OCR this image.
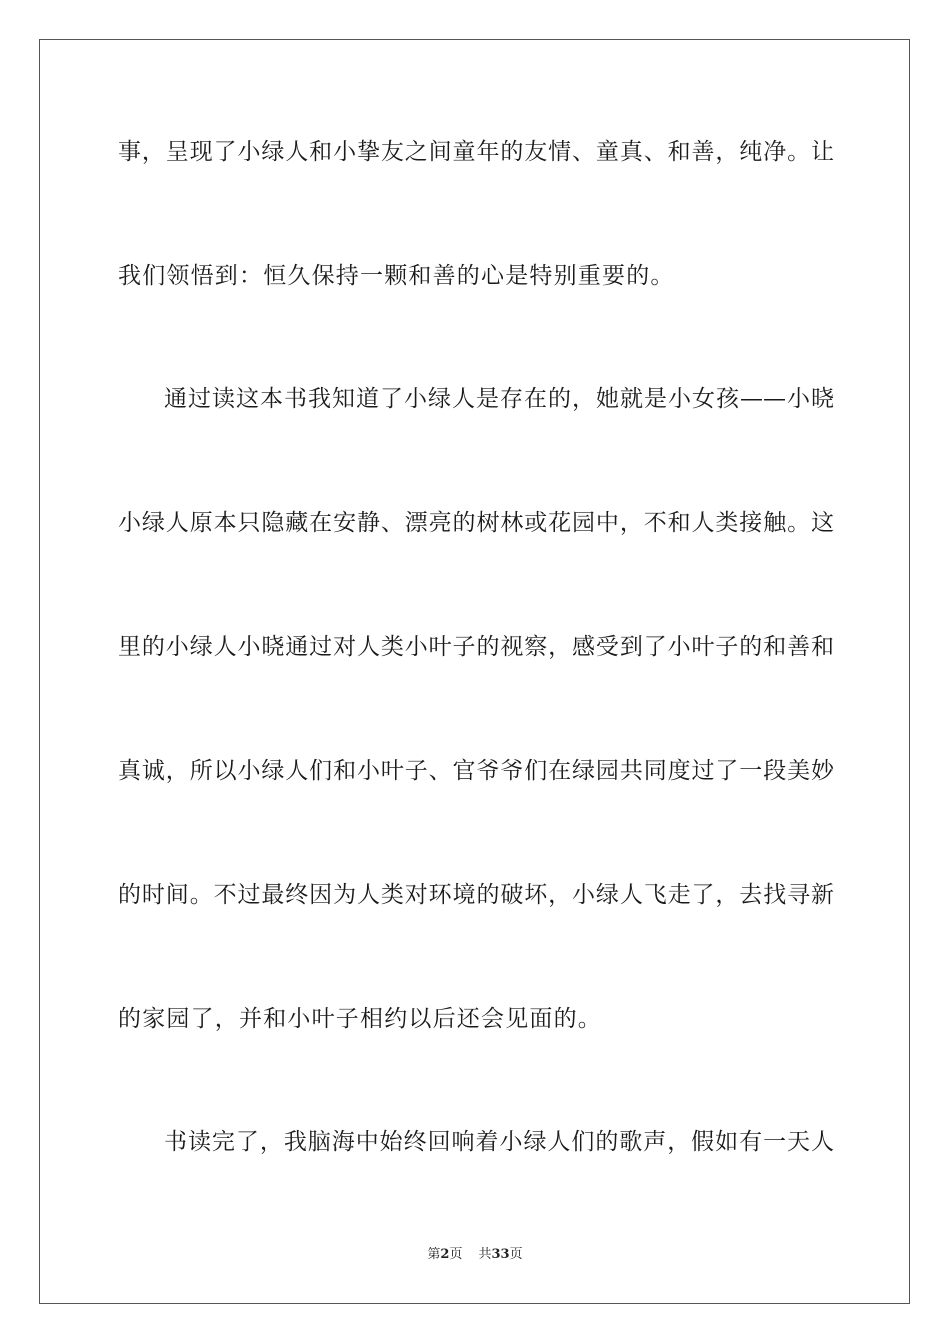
事，呈现了小绿人和小挚友之间童年的友情、童真、和善，纯净。让
我们领悟到：恒久保持一颗和善的心是特别重要的。
通过读这本书我知道了小绿人是存在的，她就是小女孩——小晓
小绿人原本只隐藏在安静、漂亮的树林或花园中，不和人类接触。这
里的小绿人小晓通过对人类小叶子的视察，感受到了小叶子的和善和
真诚，所以小绿人们和小叶子、官爷爷们在绿园共同度过了一段美妙
的时间。不过最终因为人类对环境的破坏，小绿人飞走了，去找寻新
的家园了，并和小叶子相约以后还会见面的。
书读完了，我脑海中始终回响着小绿人们的歌声，假如有一天人
第2页 共33页
